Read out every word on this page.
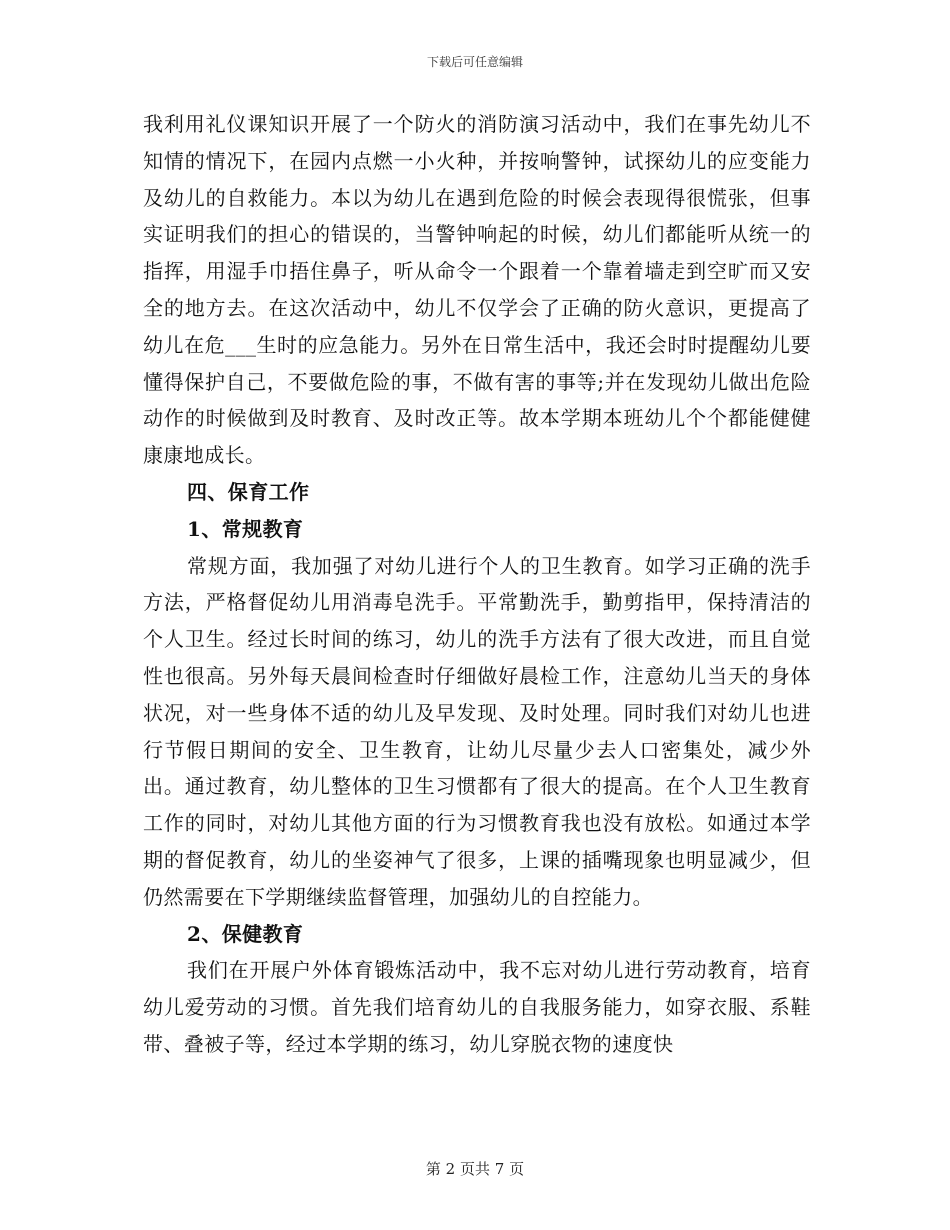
下载后可任意编辑

我利用礼仪课知识开展了一个防火的消防演习活动中，我们在事先幼儿不知情的情况下，在园内点燃一小火种，并按响警钟，试探幼儿的应变能力及幼儿的自救能力。本以为幼儿在遇到危险的时候会表现得很慌张，但事实证明我们的担心的错误的，当警钟响起的时候，幼儿们都能听从统一的指挥，用湿手巾捂住鼻子，听从命令一个跟着一个靠着墙走到空旷而又安全的地方去。在这次活动中，幼儿不仅学会了正确的防火意识，更提高了幼儿在危___生时的应急能力。另外在日常生活中，我还会时时提醒幼儿要懂得保护自己，不要做危险的事，不做有害的事等;并在发现幼儿做出危险动作的时候做到及时教育、及时改正等。故本学期本班幼儿个个都能健健康康地成长。

四、保育工作
1、常规教育

常规方面，我加强了对幼儿进行个人的卫生教育。如学习正确的洗手方法，严格督促幼儿用消毒皂洗手。平常勤洗手，勤剪指甲，保持清洁的个人卫生。经过长时间的练习，幼儿的洗手方法有了很大改进，而且自觉性也很高。另外每天晨间检查时仔细做好晨检工作，注意幼儿当天的身体状况，对一些身体不适的幼儿及早发现、及时处理。同时我们对幼儿也进行节假日期间的安全、卫生教育，让幼儿尽量少去人口密集处，减少外出。通过教育，幼儿整体的卫生习惯都有了很大的提高。在个人卫生教育工作的同时，对幼儿其他方面的行为习惯教育我也没有放松。如通过本学期的督促教育，幼儿的坐姿神气了很多，上课的插嘴现象也明显减少，但仍然需要在下学期继续监督管理，加强幼儿的自控能力。

2、保健教育

我们在开展户外体育锻炼活动中，我不忘对幼儿进行劳动教育，培育幼儿爱劳动的习惯。首先我们培育幼儿的自我服务能力，如穿衣服、系鞋带、叠被子等，经过本学期的练习，幼儿穿脱衣物的速度快

第 2 页共 7 页
